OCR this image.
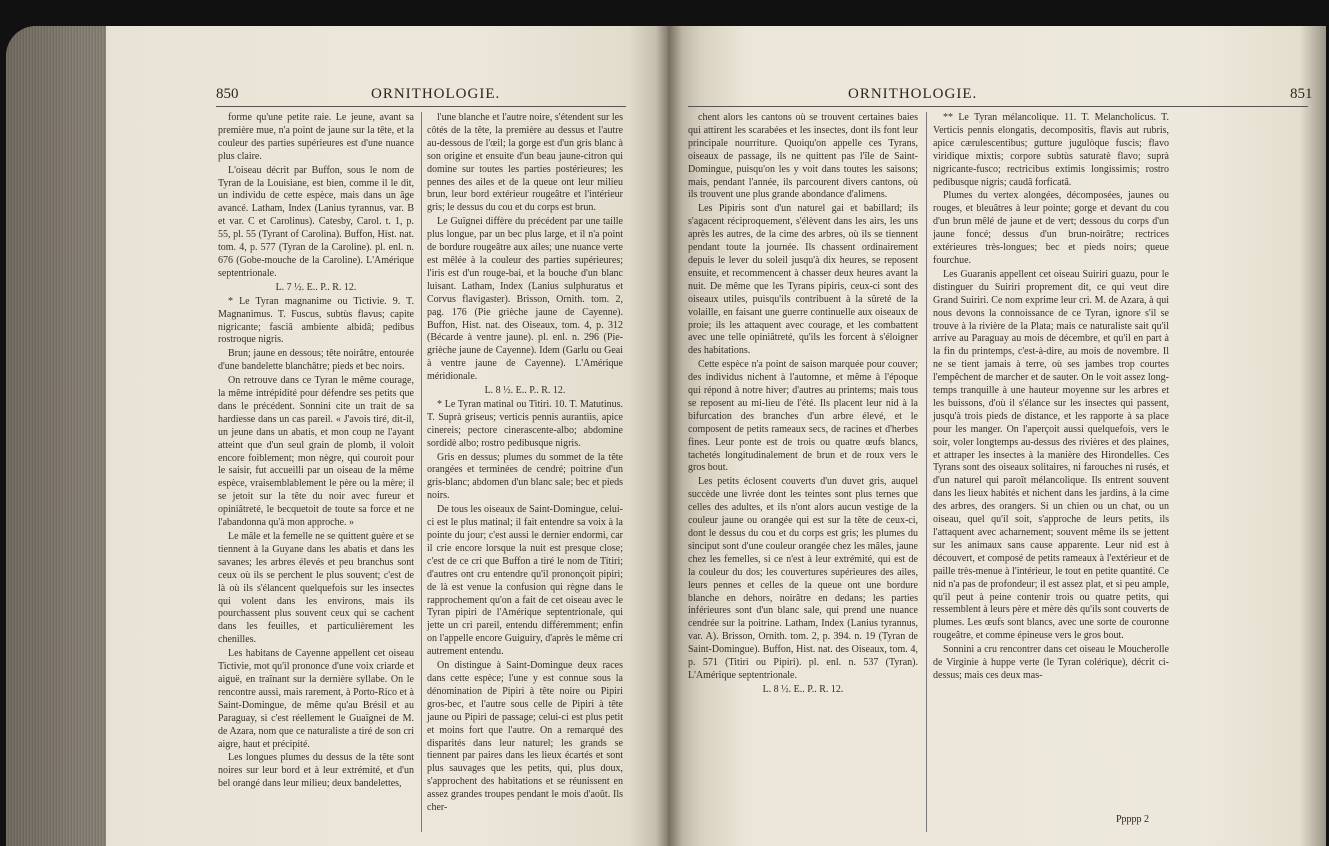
850	ORNITHOLOGIE.

forme qu'une petite raie. Le jeune, avant sa première mue, n'a point de jaune sur la tête, et la couleur des parties supérieures est d'une nuance plus claire.

L'oiseau décrit par Buffon, sous le nom de Tyran de la Louisiane, est bien, comme il le dit, un individu de cette espèce, mais dans un âge avancé. Latham, Index (Lanius tyrannus, var. B et var. C et Carolinus). Catesby, Carol. t. 1, p. 55, pl. 55 (Tyrant of Carolina). Buffon, Hist. nat. tom. 4, p. 577 (Tyran de la Caroline). pl. enl. n. 676 (Gobe-mouche de la Caroline). L'Amérique septentrionale.

L. 7 ½. E.. P.. R. 12.

* Le Tyran magnanime ou Tictivie. 9. T. Magnanimus. T. Fuscus, subtùs flavus; capite nigricante; fasciâ ambiente albidâ; pedibus rostroque nigris.

Brun; jaune en dessous; tête noirâtre, entourée d'une bandelette blanchâtre; pieds et bec noirs.

On retrouve dans ce Tyran le même courage, la même intrépidité pour défendre ses petits que dans le précédent. Sonnini cite un trait de sa hardiesse dans un cas pareil. « J'avois tiré, dit-il, un jeune dans un abatis, et mon coup ne l'ayant atteint que d'un seul grain de plomb, il voloit encore foiblement; mon nègre, qui couroit pour le saisir, fut accueilli par un oiseau de la même espèce, vraisemblablement le père ou la mère; il se jetoit sur la tête du noir avec fureur et opiniâtreté, le becquetoit de toute sa force et ne l'abandonna qu'à mon approche. »

Le mâle et la femelle ne se quittent guère et se tiennent à la Guyane dans les abatis et dans les savanes; les arbres élevés et peu branchus sont ceux où ils se perchent le plus souvent; c'est de là où ils s'élancent quelquefois sur les insectes qui volent dans les environs, mais ils pourchassent plus souvent ceux qui se cachent dans les feuilles, et particulièrement les chenilles.

Les habitans de Cayenne appellent cet oiseau Tictivie, mot qu'il prononce d'une voix criarde et aiguë, en traînant sur la dernière syllabe. On le rencontre aussi, mais rarement, à Porto-Rico et à Saint-Domingue, de même qu'au Brésil et au Paraguay, si c'est réellement le Guaïgnei de M. de Azara, nom que ce naturaliste a tiré de son cri aigre, haut et précipité.

Les longues plumes du dessus de la tête sont noires sur leur bord et à leur extrémité, et d'un bel orangé dans leur milieu; deux bandelettes,

l'une blanche et l'autre noire, s'étendent sur les côtés de la tête, la première au dessus et l'autre au-dessous de l'œil; la gorge est d'un gris blanc à son origine et ensuite d'un beau jaune-citron qui domine sur toutes les parties postérieures; les pennes des ailes et de la queue ont leur milieu brun, leur bord extérieur rougeâtre et l'intérieur gris; le dessus du cou et du corps est brun.

Le Guïgnei diffère du précédent par une taille plus longue, par un bec plus large, et il n'a point de bordure rougeâtre aux ailes; une nuance verte est mêlée à la couleur des parties supérieures; l'iris est d'un rouge-bai, et la bouche d'un blanc luisant. Latham, Index (Lanius sulphuratus et Corvus flavigaster). Brisson, Ornith. tom. 2, pag. 176 (Pie grièche jaune de Cayenne). Buffon, Hist. nat. des Oiseaux, tom. 4, p. 312 (Bécarde à ventre jaune). pl. enl. n. 296 (Pie-grièche jaune de Cayenne). Idem (Garlu ou Geai à ventre jaune de Cayenne). L'Amérique méridionale.

L. 8 ½. E.. P.. R. 12.

* Le Tyran matinal ou Titiri. 10. T. Matutinus. T. Suprà griseus; verticis pennis aurantiis, apice cinereis; pectore cinerascente-albo; abdomine sordidè albo; rostro pedibusque nigris.

Gris en dessus; plumes du sommet de la tête orangées et terminées de cendré; poitrine d'un gris-blanc; abdomen d'un blanc sale; bec et pieds noirs.

De tous les oiseaux de Saint-Domingue, celui-ci est le plus matinal; il fait entendre sa voix à la pointe du jour; c'est aussi le dernier endormi, car il crie encore lorsque la nuit est presque close; c'est de ce cri que Buffon a tiré le nom de Titiri; d'autres ont cru entendre qu'il prononçoit pipiri; de là est venue la confusion qui règne dans le rapprochement qu'on a fait de cet oiseau avec le Tyran pipiri de l'Amérique septentrionale, qui jette un cri pareil, entendu différemment; enfin on l'appelle encore Guiguiry, d'après le même cri autrement entendu.

On distingue à Saint-Domingue deux races dans cette espèce; l'une y est connue sous la dénomination de Pipiri à tête noire ou Pipiri gros-bec, et l'autre sous celle de Pipiri à tête jaune ou Pipiri de passage; celui-ci est plus petit et moins fort que l'autre. On a remarqué des disparités dans leur naturel; les grands se tiennent par paires dans les lieux écartés et sont plus sauvages que les petits, qui, plus doux, s'approchent des habitations et se réunissent en assez grandes troupes pendant le mois d'août. Ils cher-

ORNITHOLOGIE.	851

chent alors les cantons où se trouvent certaines baies qui attirent les scarabées et les insectes, dont ils font leur principale nourriture. Quoiqu'on appelle ces Tyrans, oiseaux de passage, ils ne quittent pas l'île de Saint-Domingue, puisqu'on les y voit dans toutes les saisons; mais, pendant l'année, ils parcourent divers cantons, où ils trouvent une plus grande abondance d'alimens.

Les Pipiris sont d'un naturel gai et babillard; ils s'agacent réciproquement, s'élèvent dans les airs, les uns après les autres, de la cime des arbres, où ils se tiennent pendant toute la journée. Ils chassent ordinairement depuis le lever du soleil jusqu'à dix heures, se reposent ensuite, et recommencent à chasser deux heures avant la nuit. De même que les Tyrans pipiris, ceux-ci sont des oiseaux utiles, puisqu'ils contribuent à la sûreté de la volaille, en faisant une guerre continuelle aux oiseaux de proie; ils les attaquent avec courage, et les combattent avec une telle opiniâtreté, qu'ils les forcent à s'éloigner des habitations.

Cette espèce n'a point de saison marquée pour couver; des individus nichent à l'automne, et même à l'époque qui répond à notre hiver; d'autres au printems; mais tous se reposent au mi-lieu de l'été. Ils placent leur nid à la bifurcation des branches d'un arbre élevé, et le composent de petits rameaux secs, de racines et d'herbes fines. Leur ponte est de trois ou quatre œufs blancs, tachetés longitudinalement de brun et de roux vers le gros bout.

Les petits éclosent couverts d'un duvet gris, auquel succède une livrée dont les teintes sont plus ternes que celles des adultes, et ils n'ont alors aucun vestige de la couleur jaune ou orangée qui est sur la tête de ceux-ci, dont le dessus du cou et du corps est gris; les plumes du sinciput sont d'une couleur orangée chez les mâles, jaune chez les femelles, si ce n'est à leur extrémité, qui est de la couleur du dos; les couvertures supérieures des ailes, leurs pennes et celles de la queue ont une bordure blanche en dehors, noirâtre en dedans; les parties inférieures sont d'un blanc sale, qui prend une nuance cendrée sur la poitrine. Latham, Index (Lanius tyrannus, var. A). Brisson, Ornith. tom. 2, p. 394. n. 19 (Tyran de Saint-Domingue). Buffon, Hist. nat. des Oiseaux, tom. 4, p. 571 (Titiri ou Pipiri). pl. enl. n. 537 (Tyran). L'Amérique septentrionale.

L. 8 ½. E.. P.. R. 12.

** Le Tyran mélancolique. 11. T. Melancholicus. T. Verticis pennis elongatis, decompositis, flavis aut rubris, apice cærulescentibus; gutture jugulòque fuscis; flavo viridique mixtis; corpore subtùs saturatè flavo; suprà nigricante-fusco; rectricibus extimis longissimis; rostro pedibusque nigris; caudâ forficatâ.

Plumes du vertex alongées, décomposées, jaunes ou rouges, et bleuâtres à leur pointe; gorge et devant du cou d'un brun mêlé de jaune et de vert; dessous du corps d'un jaune foncé; dessus d'un brun-noirâtre; rectrices extérieures très-longues; bec et pieds noirs; queue fourchue.

Les Guaranis appellent cet oiseau Suiriri guazu, pour le distinguer du Suiriri proprement dit, ce qui veut dire Grand Suiriri. Ce nom exprime leur cri. M. de Azara, à qui nous devons la connoissance de ce Tyran, ignore s'il se trouve à la rivière de la Plata; mais ce naturaliste sait qu'il arrive au Paraguay au mois de décembre, et qu'il en part à la fin du printemps, c'est-à-dire, au mois de novembre. Il ne se tient jamais à terre, où ses jambes trop courtes l'empêchent de marcher et de sauter. On le voit assez long-temps tranquille à une hauteur moyenne sur les arbres et les buissons, d'où il s'élance sur les insectes qui passent, jusqu'à trois pieds de distance, et les rapporte à sa place pour les manger. On l'aperçoit aussi quelquefois, vers le soir, voler longtemps au-dessus des rivières et des plaines, et attraper les insectes à la manière des Hirondelles. Ces Tyrans sont des oiseaux solitaires, ni farouches ni rusés, et d'un naturel qui paroît mélancolique. Ils entrent souvent dans les lieux habités et nichent dans les jardins, à la cime des arbres, des orangers. Si un chien ou un chat, ou un oiseau, quel qu'il soit, s'approche de leurs petits, ils l'attaquent avec acharnement; souvent même ils se jettent sur les animaux sans cause apparente. Leur nid est à découvert, et composé de petits rameaux à l'extérieur et de paille très-menue à l'intérieur, le tout en petite quantité. Ce nid n'a pas de profondeur; il est assez plat, et si peu ample, qu'il peut à peine contenir trois ou quatre petits, qui ressemblent à leurs père et mère dès qu'ils sont couverts de plumes. Les œufs sont blancs, avec une sorte de couronne rougeâtre, et comme épineuse vers le gros bout.

Sonnini a cru rencontrer dans cet oiseau le Moucherolle de Virginie à huppe verte (le Tyran colérique), décrit ci-dessus; mais ces deux mas-

Ppppp 2
